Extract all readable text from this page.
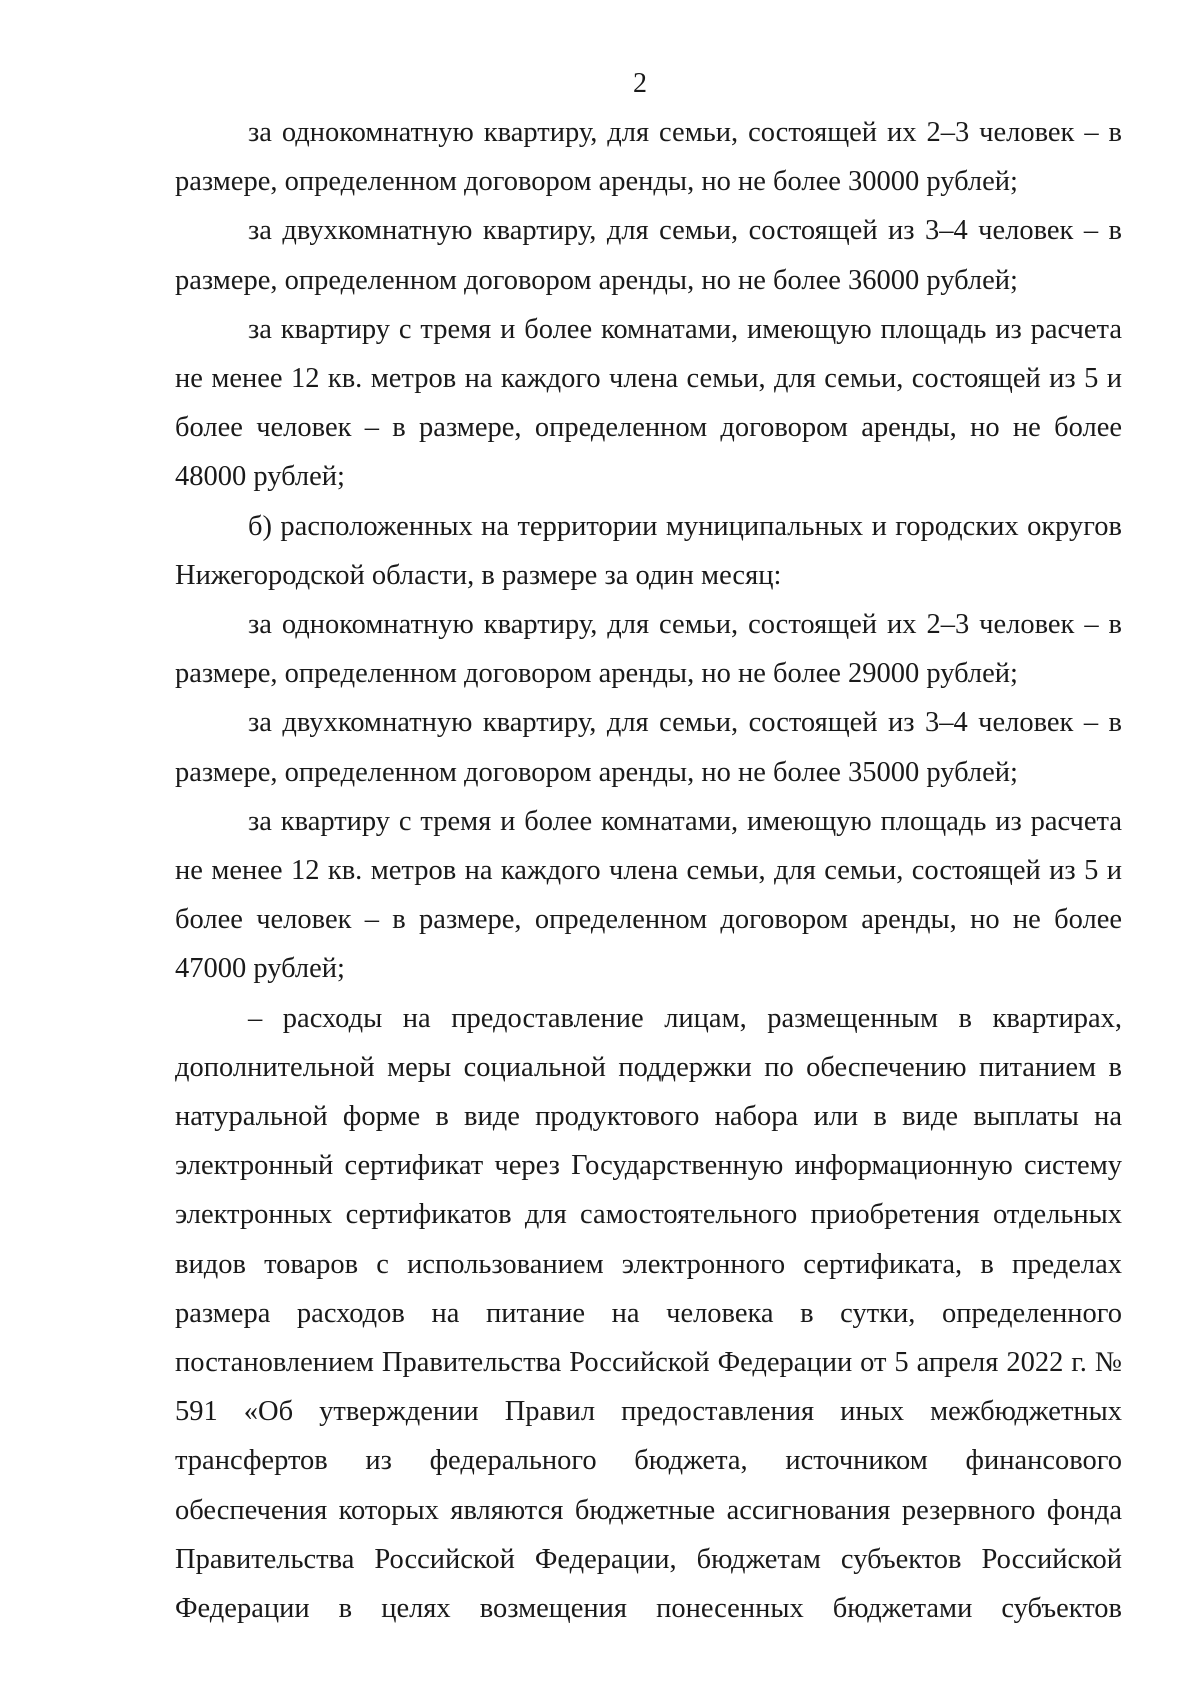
2

за однокомнатную квартиру, для семьи, состоящей их 2–3 человек – в размере, определенном договором аренды, но не более 30000 рублей;

за двухкомнатную квартиру, для семьи, состоящей из 3–4 человек – в размере, определенном договором аренды, но не более 36000 рублей;

за квартиру с тремя и более комнатами, имеющую площадь из расчета не менее 12 кв. метров на каждого члена семьи, для семьи, состоящей из 5 и более человек – в размере, определенном договором аренды, но не более 48000 рублей;

б) расположенных на территории муниципальных и городских округов Нижегородской области, в размере за один месяц:

за однокомнатную квартиру, для семьи, состоящей их 2–3 человек – в размере, определенном договором аренды, но не более 29000 рублей;

за двухкомнатную квартиру, для семьи, состоящей из 3–4 человек – в размере, определенном договором аренды, но не более 35000 рублей;

за квартиру с тремя и более комнатами, имеющую площадь из расчета не менее 12 кв. метров на каждого члена семьи, для семьи, состоящей из 5 и более человек – в размере, определенном договором аренды, но не более 47000 рублей;

– расходы на предоставление лицам, размещенным в квартирах, дополнительной меры социальной поддержки по обеспечению питанием в натуральной форме в виде продуктового набора или в виде выплаты на электронный сертификат через Государственную информационную систему электронных сертификатов для самостоятельного приобретения отдельных видов товаров с использованием электронного сертификата, в пределах размера расходов на питание на человека в сутки, определенного постановлением Правительства Российской Федерации от 5 апреля 2022 г. № 591 «Об утверждении Правил предоставления иных межбюджетных трансфертов из федерального бюджета, источником финансового обеспечения которых являются бюджетные ассигнования резервного фонда Правительства Российской Федерации, бюджетам субъектов Российской Федерации в целях возмещения понесенных бюджетами субъектов
